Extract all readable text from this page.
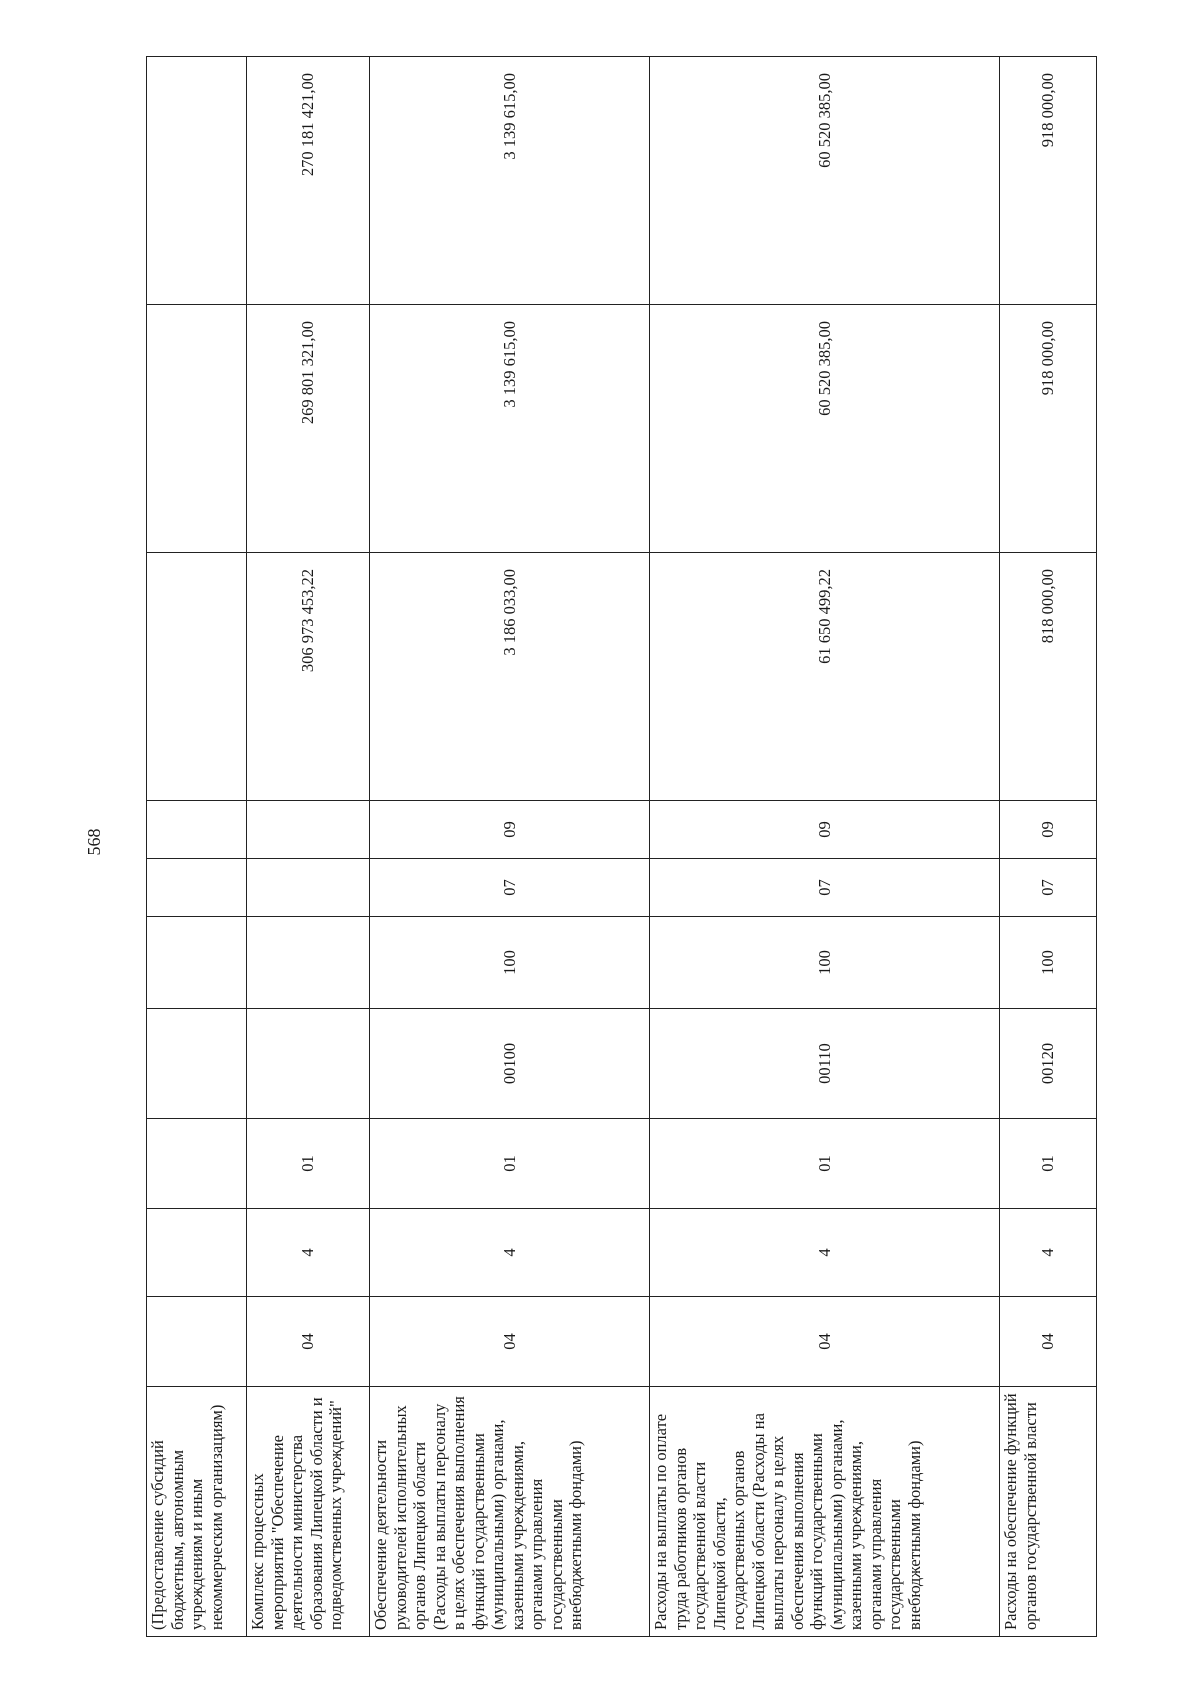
568
(Предоставление субсидий бюджетным, автономным учреждениям и иным некоммерческим организациям)										
Комплекс процессных мероприятий "Обеспечение деятельности министерства образования Липецкой области и подведомственных учреждений"	04	4	01					306 973 453,22	269 801 321,00	270 181 421,00
Обеспечение деятельности руководителей исполнительных органов Липецкой области (Расходы на выплаты персоналу в целях обеспечения выполнения функций государственными (муниципальными) органами, казенными учреждениями, органами управления государственными внебюджетными фондами)	04	4	01	00100	100	07	09	3 186 033,00	3 139 615,00	3 139 615,00
Расходы на выплаты по оплате труда работников органов государственной власти Липецкой области, государственных органов Липецкой области (Расходы на выплаты персоналу в целях обеспечения выполнения функций государственными (муниципальными) органами, казенными учреждениями, органами управления государственными внебюджетными фондами)	04	4	01	00110	100	07	09	61 650 499,22	60 520 385,00	60 520 385,00
Расходы на обеспечение функций органов государственной власти	04	4	01	00120	100	07	09	818 000,00	918 000,00	918 000,00
